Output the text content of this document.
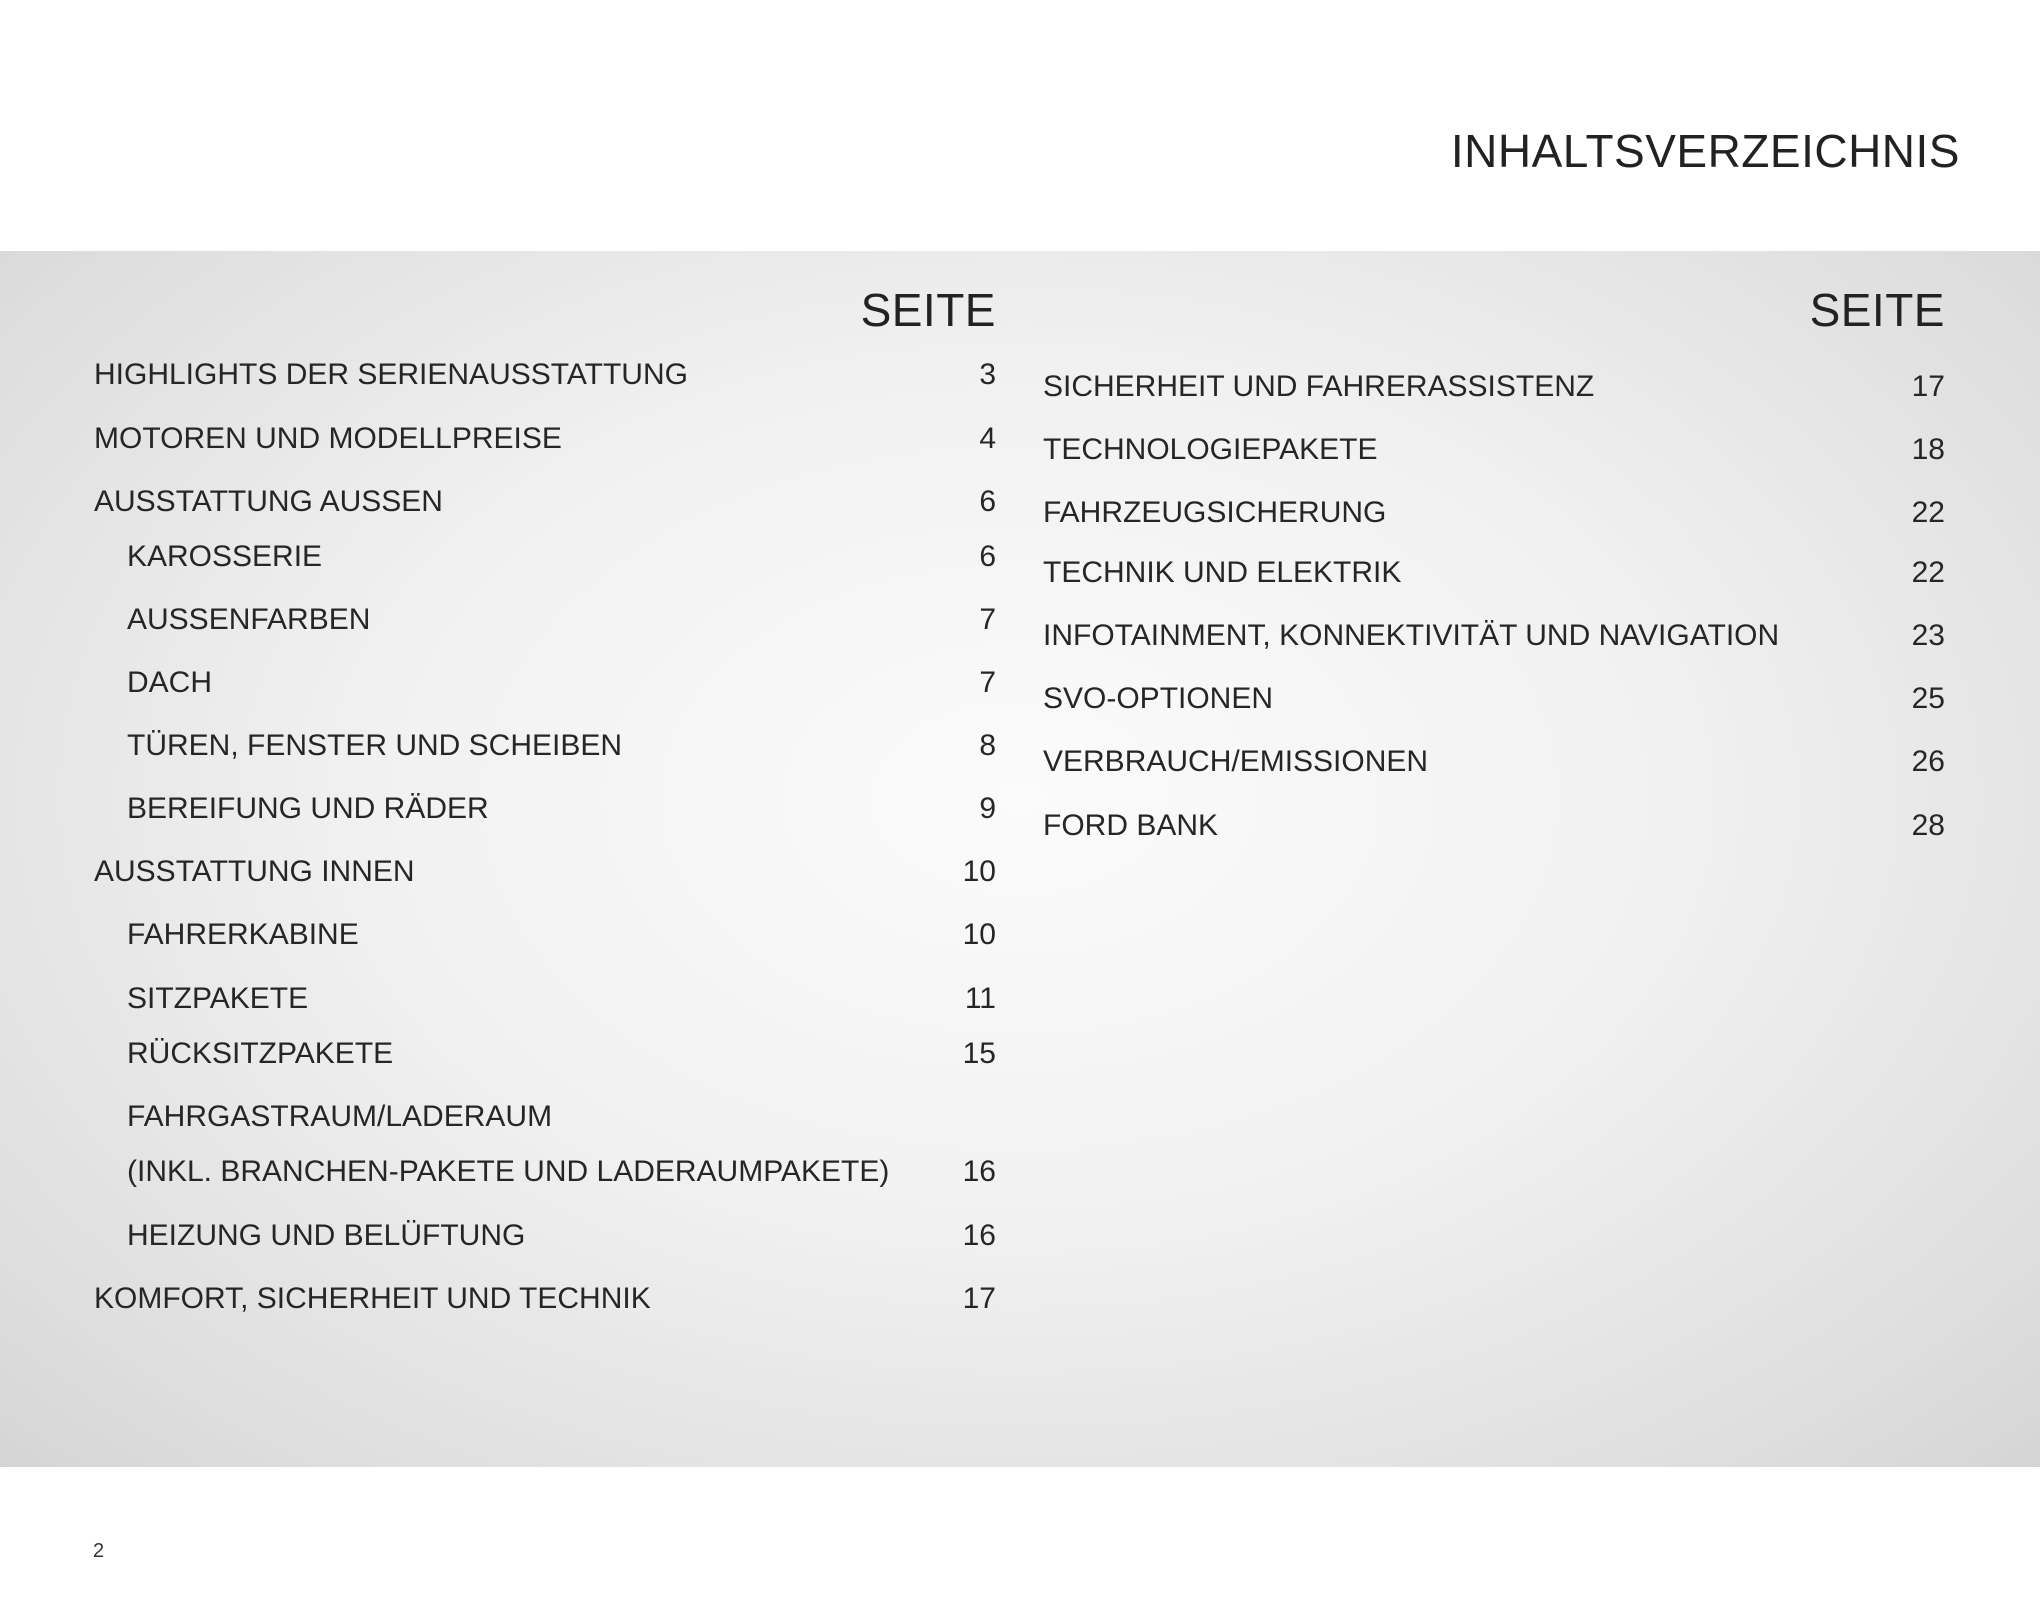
INHALTSVERZEICHNIS
SEITE
HIGHLIGHTS DER SERIENAUSSTATTUNG	3
MOTOREN UND MODELLPREISE	4
AUSSTATTUNG AUSSEN	6
KAROSSERIE	6
AUSSENFARBEN	7
DACH	7
TÜREN, FENSTER UND SCHEIBEN	8
BEREIFUNG UND RÄDER	9
AUSSTATTUNG INNEN	10
FAHRERKABINE	10
SITZPAKETE	11
RÜCKSITZPAKETE	15
FAHRGASTRAUM/LADERAUM
(INKL. BRANCHEN-PAKETE UND LADERAUMPAKETE)	16
HEIZUNG UND BELÜFTUNG	16
KOMFORT, SICHERHEIT UND TECHNIK	17
SEITE
SICHERHEIT UND FAHRERASSISTENZ	17
TECHNOLOGIEPAKETE	18
FAHRZEUGSICHERUNG	22
TECHNIK UND ELEKTRIK	22
INFOTAINMENT, KONNEKTIVITÄT UND NAVIGATION	23
SVO-OPTIONEN	25
VERBRAUCH/EMISSIONEN	26
FORD BANK	28
2
